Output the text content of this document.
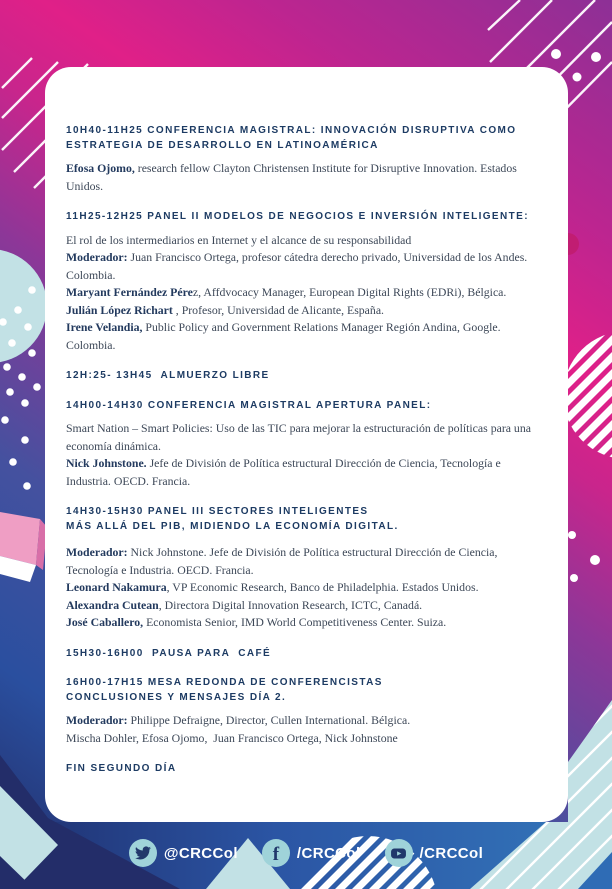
10H40-11H25 CONFERENCIA MAGISTRAL: INNOVACIÓN DISRUPTIVA COMO
ESTRATEGIA DE DESARROLLO EN LATINOAMÉRICA

Efosa Ojomo, research fellow Clayton Christensen Institute for Disruptive Innovation. Estados Unidos.

11H25-12H25 PANEL II MODELOS DE NEGOCIOS E INVERSIÓN INTELIGENTE:

El rol de los intermediarios en Internet y el alcance de su responsabilidad

Moderador: Juan Francisco Ortega, profesor cátedra derecho privado, Universidad de los Andes. Colombia.

Maryant Fernández Pérez, Affdvocacy Manager, European Digital Rights (EDRi), Bélgica.

Julián López Richart , Profesor, Universidad de Alicante, España.

Irene Velandia, Public Policy and Government Relations Manager Región Andina, Google. Colombia.

12H:25- 13H45  ALMUERZO LIBRE
14H00-14H30 CONFERENCIA MAGISTRAL APERTURA PANEL:

Smart Nation – Smart Policies: Uso de las TIC para mejorar la estructuración de políticas para una economía dinámica.

Nick Johnstone. Jefe de División de Política estructural Dirección de Ciencia, Tecnología e Industria. OECD. Francia.

14H30-15H30 PANEL III SECTORES INTELIGENTES
MÁS ALLÁ DEL PIB, MIDIENDO LA ECONOMÍA DIGITAL.

Moderador: Nick Johnstone. Jefe de División de Política estructural Dirección de Ciencia, Tecnología e Industria. OECD. Francia.

Leonard Nakamura, VP Economic Research, Banco de Philadelphia. Estados Unidos.

Alexandra Cutean, Directora Digital Innovation Research, ICTC, Canadá.

José Caballero, Economista Senior, IMD World Competitiveness Center. Suiza.

15H30-16H00  PAUSA PARA  CAFÉ
16H00-17H15 MESA REDONDA DE CONFERENCISTAS
CONCLUSIONES Y MENSAJES DÍA 2.

Moderador: Philippe Defraigne, Director, Cullen International. Bélgica.

Mischa Dohler, Efosa Ojomo,  Juan Francisco Ortega, Nick Johnstone

FIN SEGUNDO DÍA
@CRCCol f /CRCCol	/CRCCol
